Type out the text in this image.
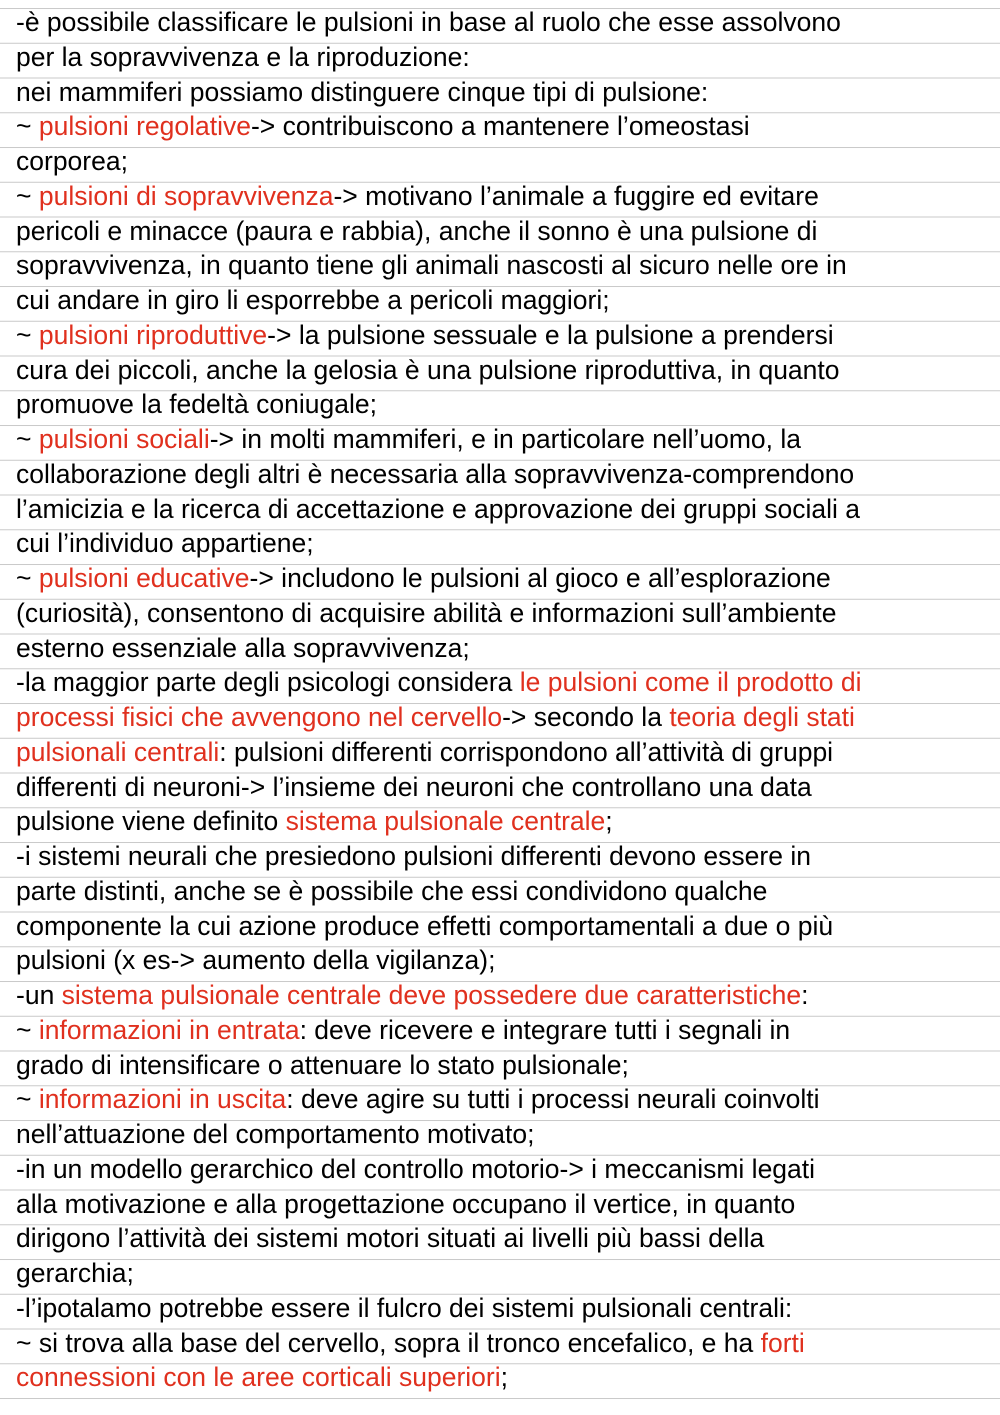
-è possibile classificare le pulsioni in base al ruolo che esse assolvono
per la sopravvivenza e la riproduzione:
nei mammiferi possiamo distinguere cinque tipi di pulsione:
~ pulsioni regolative-> contribuiscono a mantenere l’omeostasi
corporea;
~ pulsioni di sopravvivenza-> motivano l’animale a fuggire ed evitare
pericoli e minacce (paura e rabbia), anche il sonno è una pulsione di
sopravvivenza, in quanto tiene gli animali nascosti al sicuro nelle ore in
cui andare in giro li esporrebbe a pericoli maggiori;
~ pulsioni riproduttive-> la pulsione sessuale e la pulsione a prendersi
cura dei piccoli, anche la gelosia è una pulsione riproduttiva, in quanto
promuove la fedeltà coniugale;
~ pulsioni sociali-> in molti mammiferi, e in particolare nell’uomo, la
collaborazione degli altri è necessaria alla sopravvivenza-comprendono
l’amicizia e la ricerca di accettazione e approvazione dei gruppi sociali a
cui l’individuo appartiene;
~ pulsioni educative-> includono le pulsioni al gioco e all’esplorazione
(curiosità), consentono di acquisire abilità e informazioni sull’ambiente
esterno essenziale alla sopravvivenza;
-la maggior parte degli psicologi considera le pulsioni come il prodotto di
processi fisici che avvengono nel cervello-> secondo la teoria degli stati
pulsionali centrali: pulsioni differenti corrispondono all’attività di gruppi
differenti di neuroni-> l’insieme dei neuroni che controllano una data
pulsione viene definito sistema pulsionale centrale;
-i sistemi neurali che presiedono pulsioni differenti devono essere in
parte distinti, anche se è possibile che essi condividono qualche
componente la cui azione produce effetti comportamentali a due o più
pulsioni (x es-> aumento della vigilanza);
-un sistema pulsionale centrale deve possedere due caratteristiche:
~ informazioni in entrata: deve ricevere e integrare tutti i segnali in
grado di intensificare o attenuare lo stato pulsionale;
~ informazioni in uscita: deve agire su tutti i processi neurali coinvolti
nell’attuazione del comportamento motivato;
-in un modello gerarchico del controllo motorio-> i meccanismi legati
alla motivazione e alla progettazione occupano il vertice, in quanto
dirigono l’attività dei sistemi motori situati ai livelli più bassi della
gerarchia;
-l’ipotalamo potrebbe essere il fulcro dei sistemi pulsionali centrali:
~ si trova alla base del cervello, sopra il tronco encefalico, e ha forti
connessioni con le aree corticali superiori;
